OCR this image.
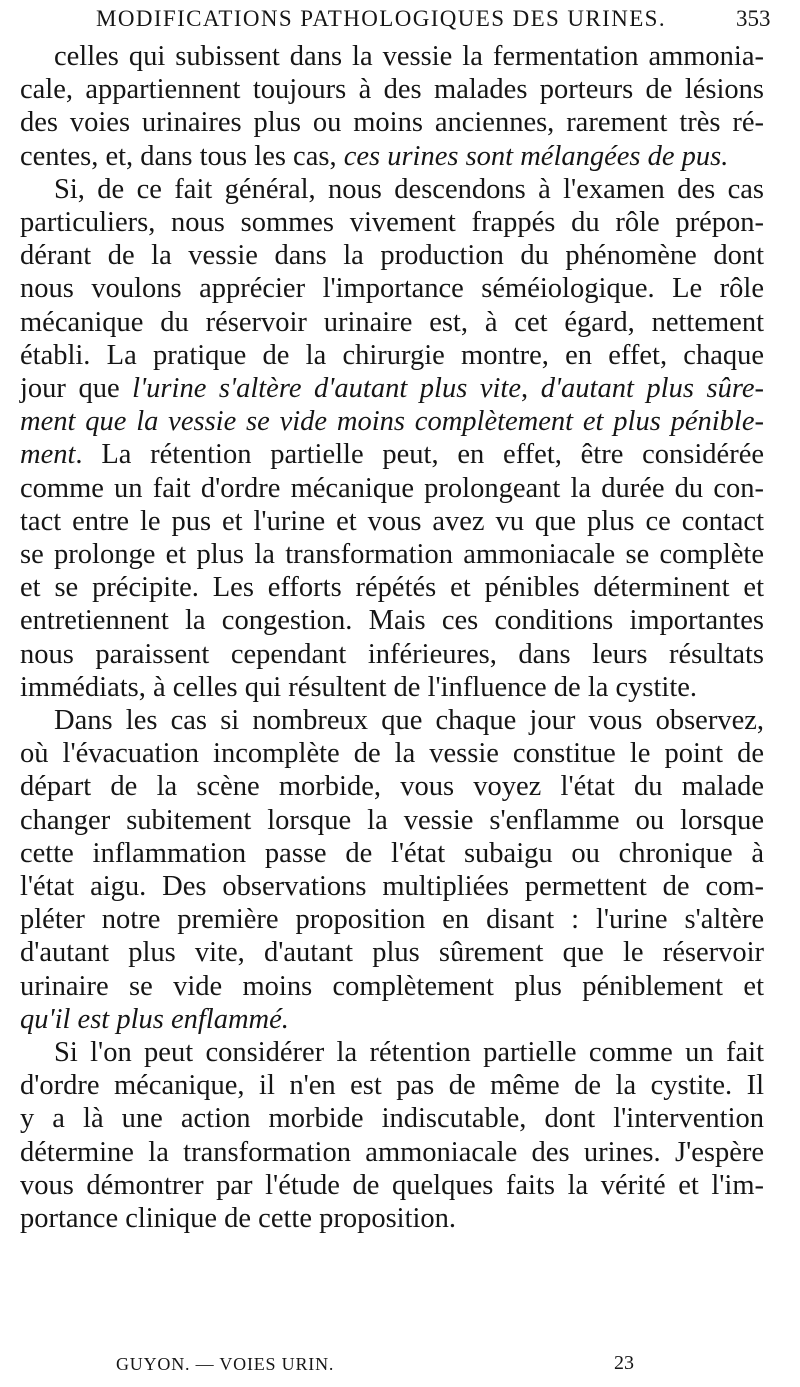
MODIFICATIONS PATHOLOGIQUES DES URINES.	353
celles qui subissent dans la vessie la fermentation ammonia-
cale, appartiennent toujours à des malades porteurs de lésions
des voies urinaires plus ou moins anciennes, rarement très ré-
centes, et, dans tous les cas, ces urines sont mélangées de pus.
Si, de ce fait général, nous descendons à l'examen des cas
particuliers, nous sommes vivement frappés du rôle prépon-
dérant de la vessie dans la production du phénomène dont
nous voulons apprécier l'importance séméiologique. Le rôle
mécanique du réservoir urinaire est, à cet égard, nettement
établi. La pratique de la chirurgie montre, en effet, chaque
jour que l'urine s'altère d'autant plus vite, d'autant plus sûre-
ment que la vessie se vide moins complètement et plus pénible-
ment. La rétention partielle peut, en effet, être considérée
comme un fait d'ordre mécanique prolongeant la durée du con-
tact entre le pus et l'urine et vous avez vu que plus ce contact
se prolonge et plus la transformation ammoniacale se complète
et se précipite. Les efforts répétés et pénibles déterminent et
entretiennent la congestion. Mais ces conditions importantes
nous paraissent cependant inférieures, dans leurs résultats
immédiats, à celles qui résultent de l'influence de la cystite.
Dans les cas si nombreux que chaque jour vous observez,
où l'évacuation incomplète de la vessie constitue le point de
départ de la scène morbide, vous voyez l'état du malade
changer subitement lorsque la vessie s'enflamme ou lorsque
cette inflammation passe de l'état subaigu ou chronique à
l'état aigu. Des observations multipliées permettent de com-
pléter notre première proposition en disant : l'urine s'altère
d'autant plus vite, d'autant plus sûrement que le réservoir
urinaire se vide moins complètement plus péniblement et
qu'il est plus enflammé.
Si l'on peut considérer la rétention partielle comme un fait
d'ordre mécanique, il n'en est pas de même de la cystite. Il
y a là une action morbide indiscutable, dont l'intervention
détermine la transformation ammoniacale des urines. J'espère
vous démontrer par l'étude de quelques faits la vérité et l'im-
portance clinique de cette proposition.
GUYON. — VOIES URIN.	23
